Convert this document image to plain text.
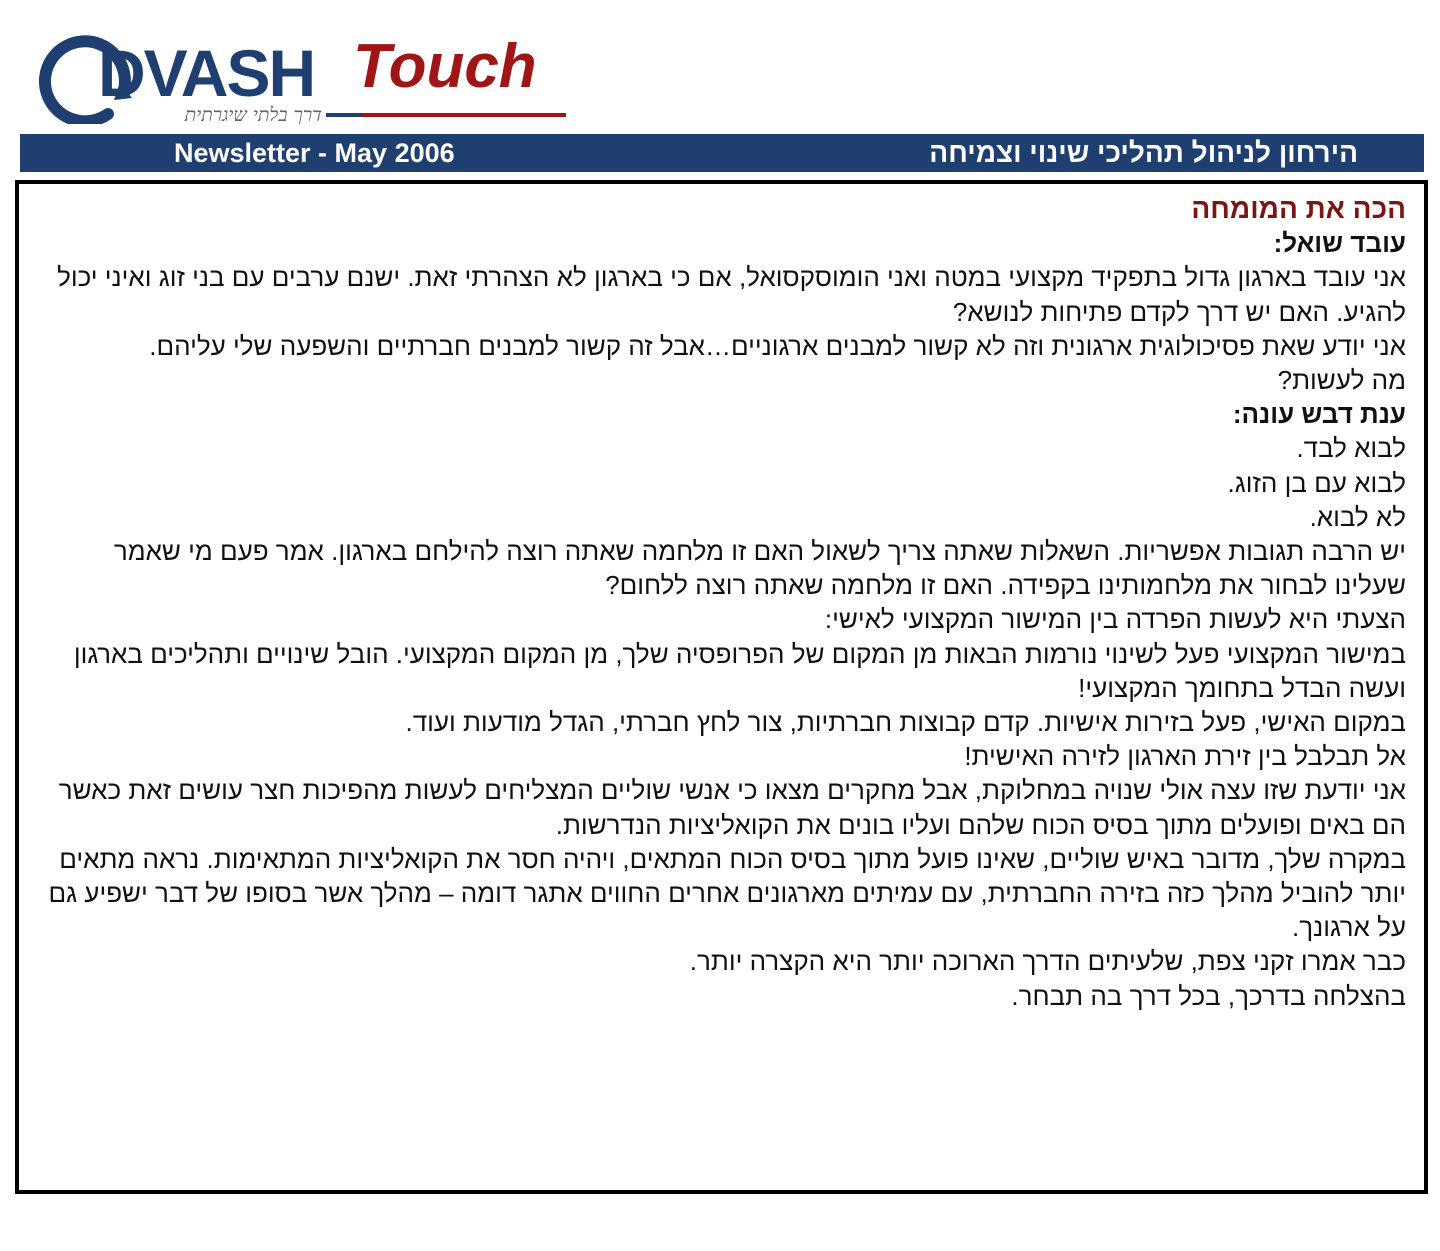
DVASH
דרך בלתי שיגרתית
Touch
Newsletter - May 2006	הירחון לניהול תהליכי שינוי וצמיחה

הכה את המומחה

עובד שואל:

אני עובד בארגון גדול בתפקיד מקצועי במטה ואני הומוסקסואל, אם כי בארגון לא הצהרתי זאת. ישנם ערבים עם בני זוג ואיני יכול להגיע. האם יש דרך לקדם פתיחות לנושא?

אני יודע שאת פסיכולוגית ארגונית וזה לא קשור למבנים ארגוניים…אבל זה קשור למבנים חברתיים והשפעה שלי עליהם.

מה לעשות?

ענת דבש עונה:

לבוא לבד.

לבוא עם בן הזוג.

לא לבוא.

יש הרבה תגובות אפשריות. השאלות שאתה צריך לשאול האם זו מלחמה שאתה רוצה להילחם בארגון. אמר פעם מי שאמר שעלינו לבחור את מלחמותינו בקפידה. האם זו מלחמה שאתה רוצה ללחום?

הצעתי היא לעשות הפרדה בין המישור המקצועי לאישי:

במישור המקצועי פעל לשינוי נורמות הבאות מן המקום של הפרופסיה שלך, מן המקום המקצועי. הובל שינויים ותהליכים בארגון ועשה הבדל בתחומך המקצועי!

במקום האישי, פעל בזירות אישיות. קדם קבוצות חברתיות, צור לחץ חברתי, הגדל מודעות ועוד.

אל תבלבל בין זירת הארגון לזירה האישית!

אני יודעת שזו עצה אולי שנויה במחלוקת, אבל מחקרים מצאו כי אנשי שוליים המצליחים לעשות מהפיכות חצר עושים זאת כאשר הם באים ופועלים מתוך בסיס הכוח שלהם ועליו בונים את הקואליציות הנדרשות.

במקרה שלך, מדובר באיש שוליים, שאינו פועל מתוך בסיס הכוח המתאים, ויהיה חסר את הקואליציות המתאימות. נראה מתאים יותר להוביל מהלך כזה בזירה החברתית, עם עמיתים מארגונים אחרים החווים אתגר דומה – מהלך אשר בסופו של דבר ישפיע גם על ארגונך.

כבר אמרו זקני צפת, שלעיתים הדרך הארוכה יותר היא הקצרה יותר.

בהצלחה בדרכך, בכל דרך בה תבחר.
